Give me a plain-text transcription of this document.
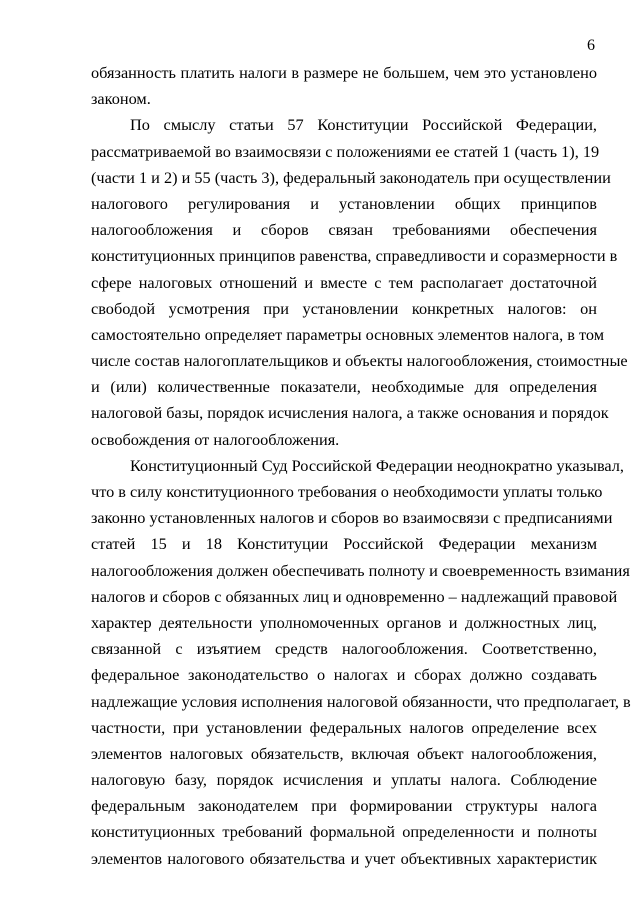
6
обязанность платить налоги в размере не большем, чем это установлено
законом.
По смыслу статьи 57 Конституции Российской Федерации,
рассматриваемой во взаимосвязи с положениями ее статей 1 (часть 1), 19
(части 1 и 2) и 55 (часть 3), федеральный законодатель при осуществлении
налогового регулирования и установлении общих принципов
налогообложения и сборов связан требованиями обеспечения
конституционных принципов равенства, справедливости и соразмерности в
сфере налоговых отношений и вместе с тем располагает достаточной
свободой усмотрения при установлении конкретных налогов: он
самостоятельно определяет параметры основных элементов налога, в том
числе состав налогоплательщиков и объекты налогообложения, стоимостные
и (или) количественные показатели, необходимые для определения
налоговой базы, порядок исчисления налога, а также основания и порядок
освобождения от налогообложения.
Конституционный Суд Российской Федерации неоднократно указывал,
что в силу конституционного требования о необходимости уплаты только
законно установленных налогов и сборов во взаимосвязи с предписаниями
статей 15 и 18 Конституции Российской Федерации механизм
налогообложения должен обеспечивать полноту и своевременность взимания
налогов и сборов с обязанных лиц и одновременно – надлежащий правовой
характер деятельности уполномоченных органов и должностных лиц,
связанной с изъятием средств налогообложения. Соответственно,
федеральное законодательство о налогах и сборах должно создавать
надлежащие условия исполнения налоговой обязанности, что предполагает, в
частности, при установлении федеральных налогов определение всех
элементов налоговых обязательств, включая объект налогообложения,
налоговую базу, порядок исчисления и уплаты налога. Соблюдение
федеральным законодателем при формировании структуры налога
конституционных требований формальной определенности и полноты
элементов налогового обязательства и учет объективных характеристик
